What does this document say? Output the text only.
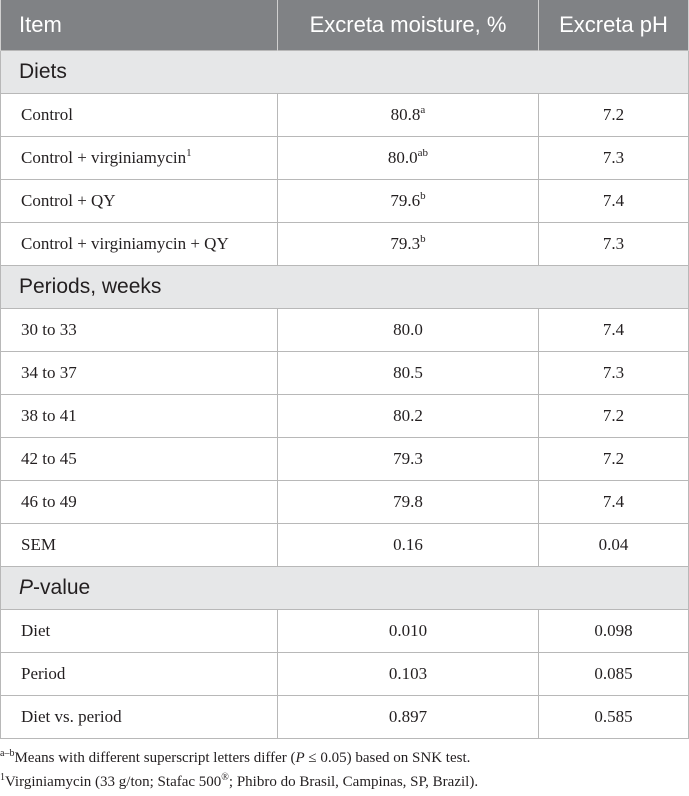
Item	Excreta moisture, %	Excreta pH
Diets		
Control	80.8$^a$	7.2
Control + virginiamycin$^1$	80.0$^{ab}$	7.3
Control + QY	79.6$^b$	7.4
Control + virginiamycin + QY	79.3$^b$	7.3
Periods, weeks		
30 to 33	80.0	7.4
34 to 37	80.5	7.3
38 to 41	80.2	7.2
42 to 45	79.3	7.2
46 to 49	79.8	7.4
SEM	0.16	0.04
P-value		
Diet	0.010	0.098
Period	0.103	0.085
Diet vs. period	0.897	0.585
$^{a-b}$Means with different superscript letters differ (P ≤ 0.05) based on SNK test.
$^1$Virginiamycin (33 g/ton; Stafac 500®; Phibro do Brasil, Campinas, SP, Brazil).
